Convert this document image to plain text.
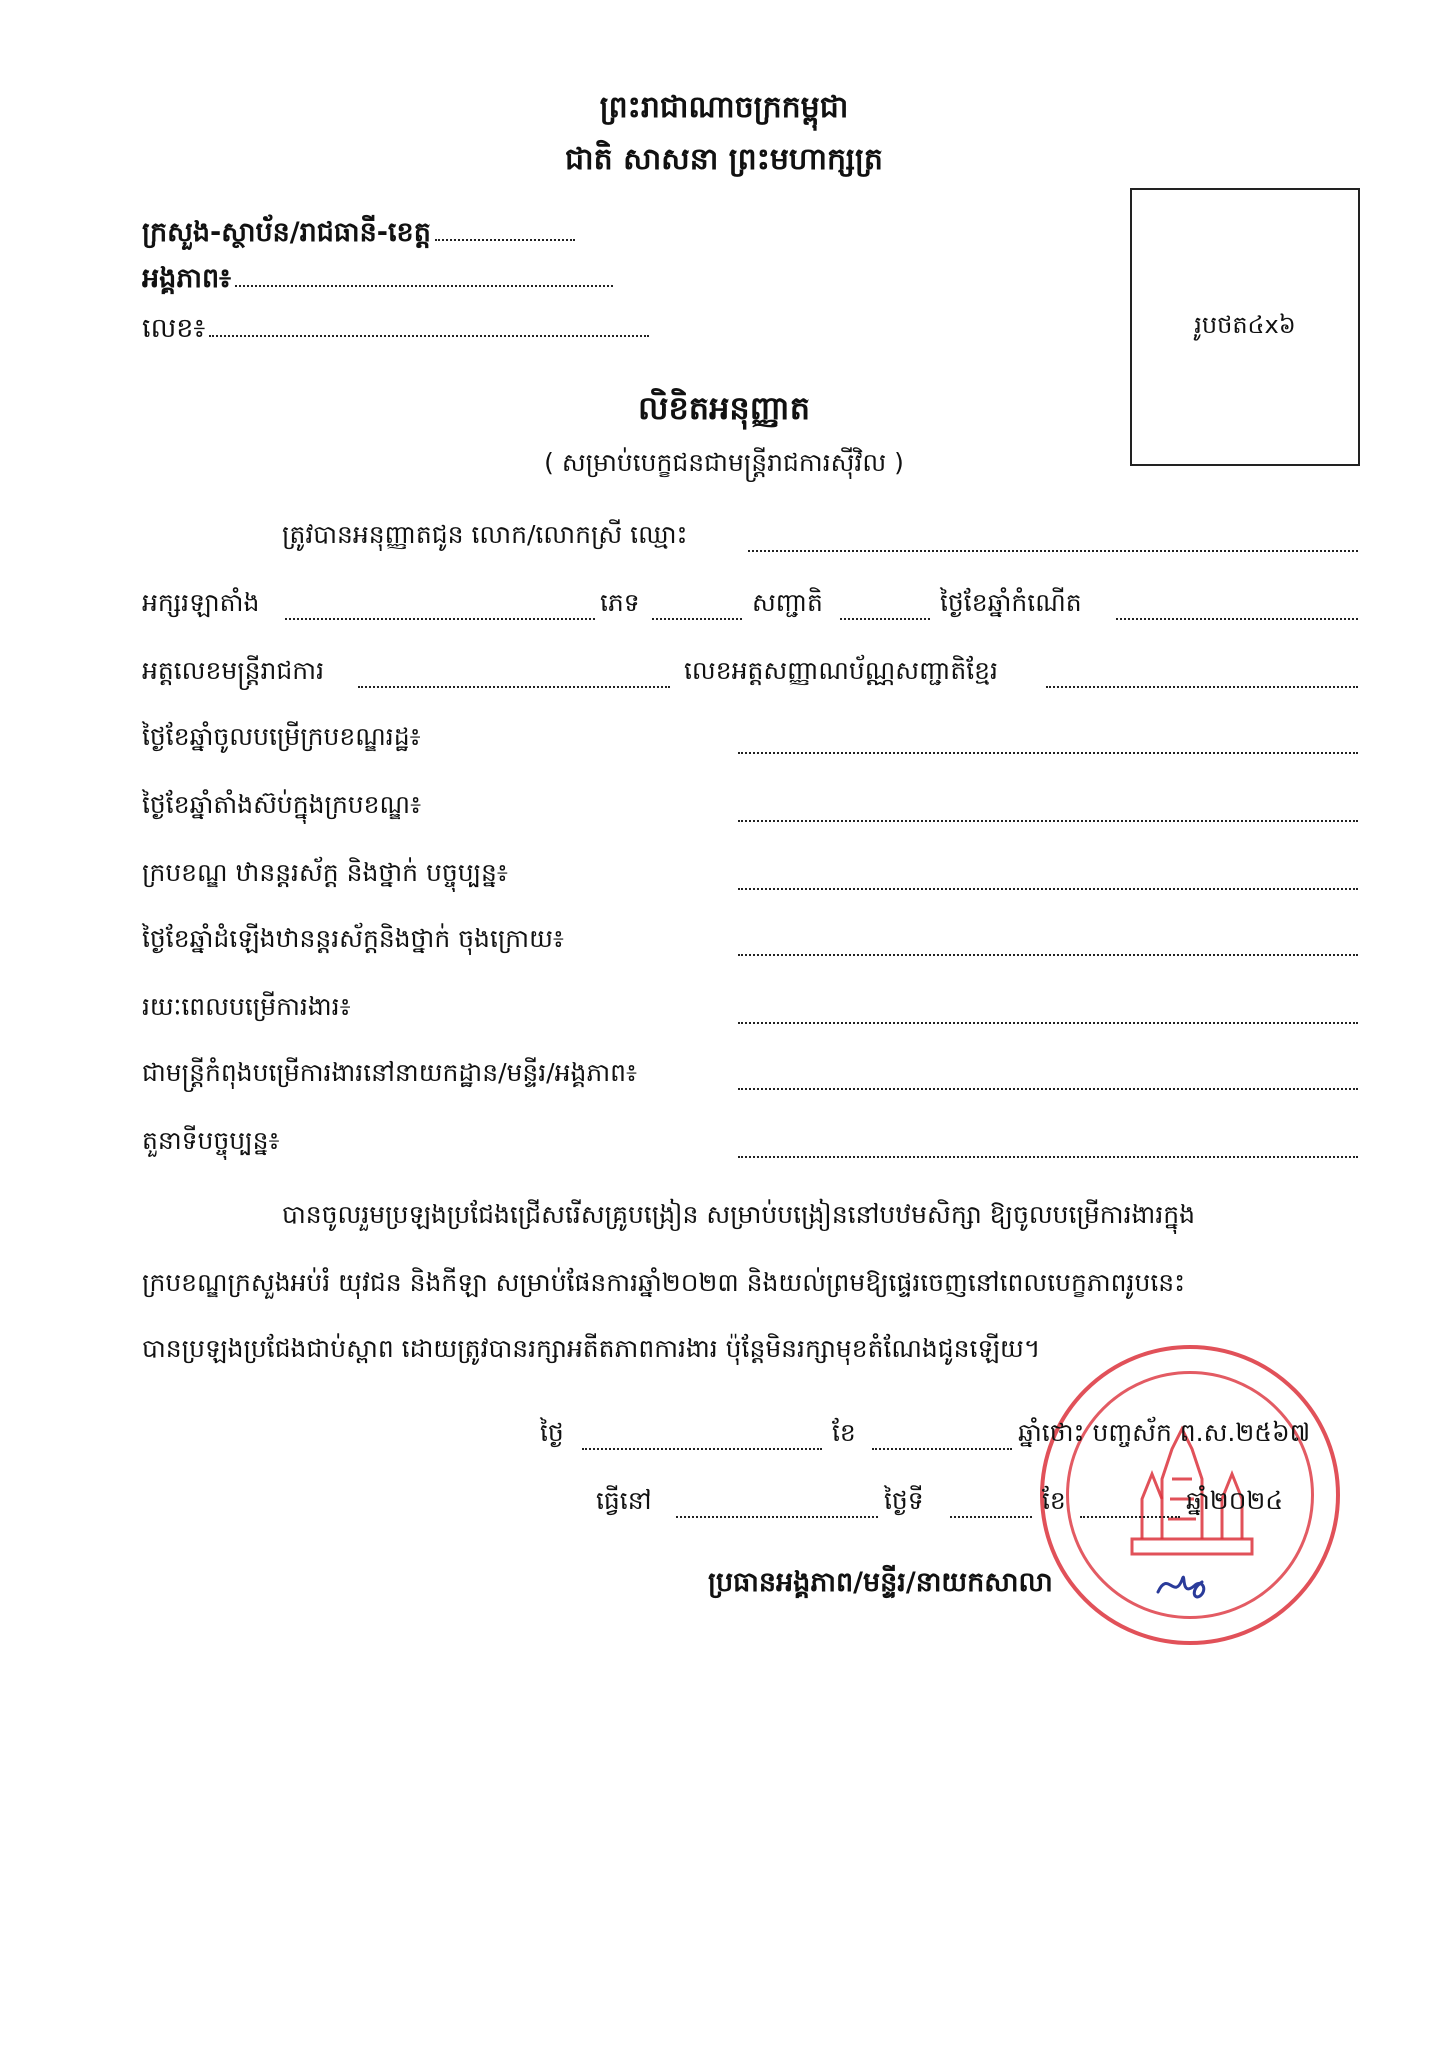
ព្រះរាជាណាចក្រកម្ពុជា
ជាតិ សាសនា ព្រះមហាក្សត្រ
ក្រសួង-ស្ថាប័ន/រាជធានី-ខេត្ត
អង្គភាព៖
លេខ៖	រូបថត៤x៦
លិខិតអនុញ្ញាត
( សម្រាប់បេក្ខជនជាមន្រ្តីរាជការស៊ីវិល )
ត្រូវបានអនុញ្ញាតជូន លោក/លោកស្រី ឈ្មោះ
អក្សរឡាតាំង	ភេទ	សញ្ជាតិ	ថ្ងៃខែឆ្នាំកំណើត
អត្តលេខមន្រ្តីរាជការ	លេខអត្តសញ្ញាណប័ណ្ណសញ្ជាតិខ្មែរ
ថ្ងៃខែឆ្នាំចូលបម្រើក្របខណ្ឌរដ្ឋ៖
ថ្ងៃខែឆ្នាំតាំងស៊ប់ក្នុងក្របខណ្ឌ៖
ក្របខណ្ឌ ឋានន្តរស័ក្ត និងថ្នាក់ បច្ចុប្បន្ន៖
ថ្ងៃខែឆ្នាំដំឡើងឋានន្តរស័ក្តនិងថ្នាក់ ចុងក្រោយ៖
រយៈពេលបម្រើការងារ៖
ជាមន្រ្តីកំពុងបម្រើការងារនៅនាយកដ្ឋាន/មន្ទីរ/អង្គភាព៖
តួនាទីបច្ចុប្បន្ន៖
បានចូលរួមប្រឡងប្រជែងជ្រើសរើសគ្រូបង្រៀន សម្រាប់បង្រៀននៅបឋមសិក្សា ឱ្យចូលបម្រើការងារក្នុង
ក្របខណ្ឌក្រសួងអប់រំ យុវជន និងកីឡា សម្រាប់ផែនការឆ្នាំ២០២៣ និងយល់ព្រមឱ្យផ្ទេរចេញនៅពេលបេក្ខភាពរូបនេះ
បានប្រឡងប្រជែងជាប់ស្ពាព ដោយត្រូវបានរក្សាអតីតភាពការងារ ប៉ុន្តែមិនរក្សាមុខតំណែងជូនឡើយ។
ថ្ងៃ	ខែ	ឆ្នាំថោះ បញ្ចស័ក ព.ស.២៥៦៧
ធ្វើនៅ	ថ្ងៃទី	ខែ	ឆ្នាំ២០២៤
ប្រធានអង្គភាព/មន្ទីរ/នាយកសាលា
